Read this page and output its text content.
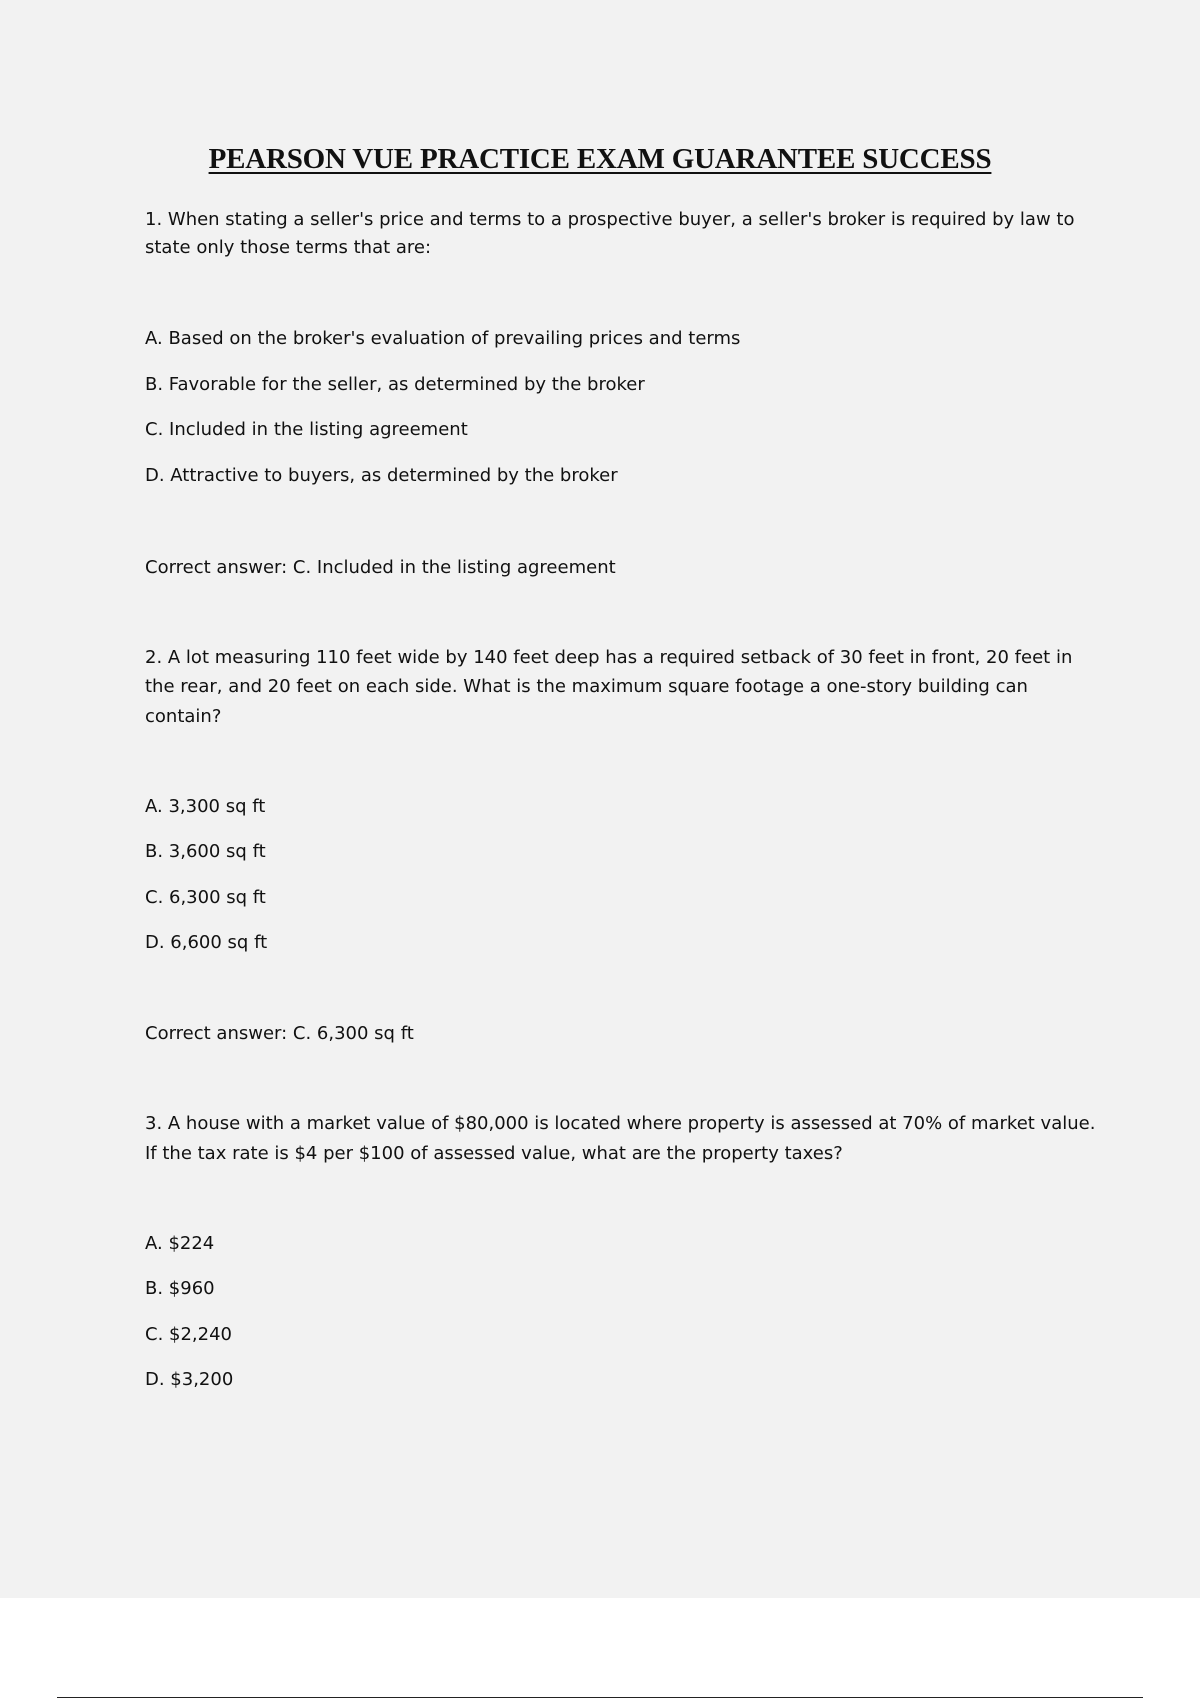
PEARSON VUE PRACTICE EXAM GUARANTEE SUCCESS
1. When stating a seller's price and terms to a prospective buyer, a seller's broker is required by law to
state only those terms that are:
A. Based on the broker's evaluation of prevailing prices and terms
B. Favorable for the seller, as determined by the broker
C. Included in the listing agreement
D. Attractive to buyers, as determined by the broker
Correct answer: C. Included in the listing agreement
2. A lot measuring 110 feet wide by 140 feet deep has a required setback of 30 feet in front, 20 feet in
the rear, and 20 feet on each side. What is the maximum square footage a one-story building can
contain?
A. 3,300 sq ft
B. 3,600 sq ft
C. 6,300 sq ft
D. 6,600 sq ft
Correct answer: C. 6,300 sq ft
3. A house with a market value of $80,000 is located where property is assessed at 70% of market value.
If the tax rate is $4 per $100 of assessed value, what are the property taxes?
A. $224
B. $960
C. $2,240
D. $3,200
